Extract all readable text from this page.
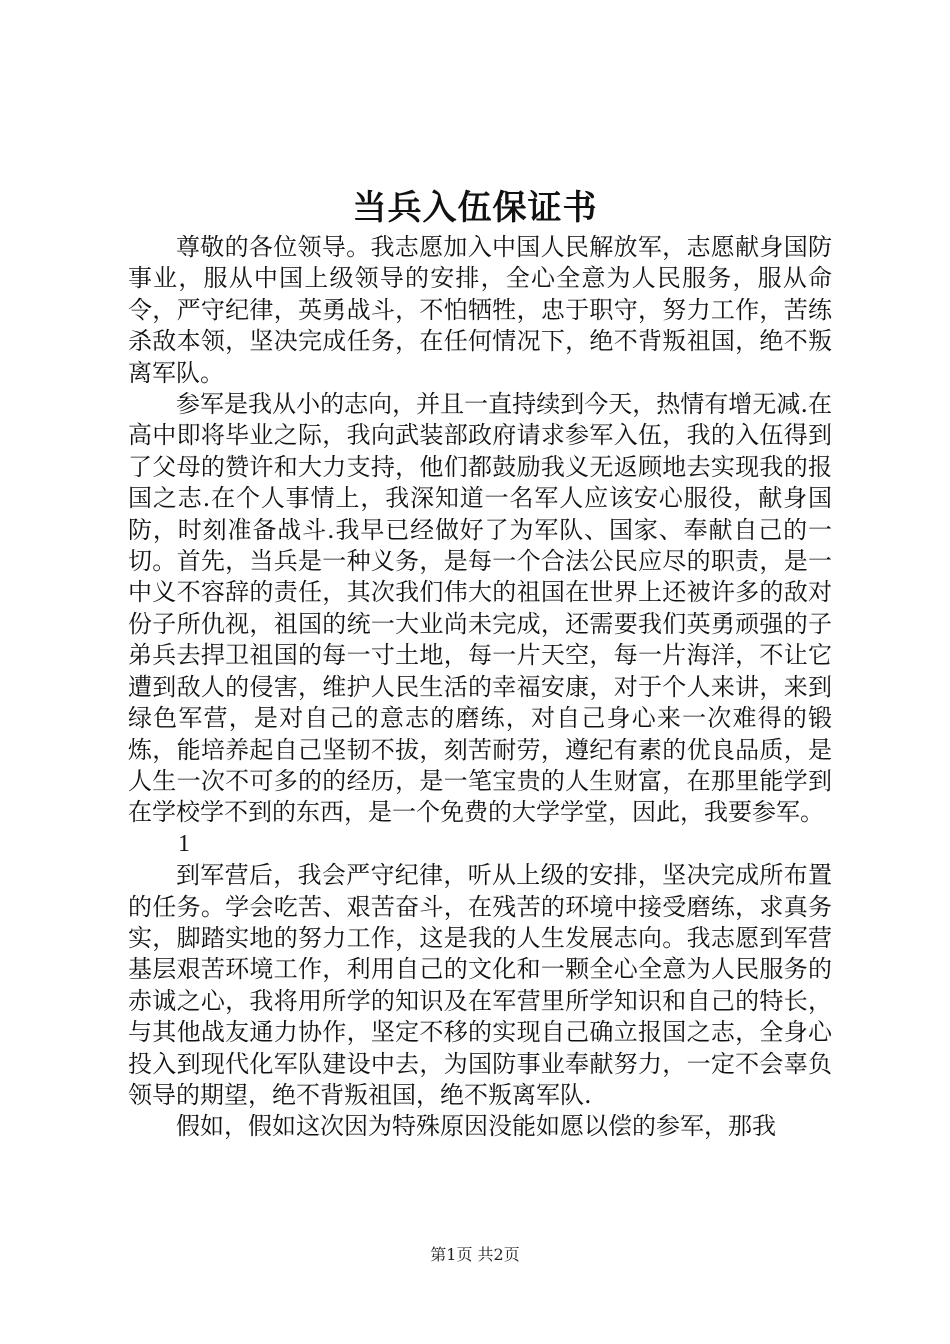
当兵入伍保证书

尊敬的各位领导。我志愿加入中国人民解放军，志愿献身国防事业，服从中国上级领导的安排，全心全意为人民服务，服从命令，严守纪律，英勇战斗，不怕牺牲，忠于职守，努力工作，苦练杀敌本领，坚决完成任务，在任何情况下，绝不背叛祖国，绝不叛离军队。

参军是我从小的志向，并且一直持续到今天，热情有增无减.在高中即将毕业之际，我向武装部政府请求参军入伍，我的入伍得到了父母的赞许和大力支持，他们都鼓励我义无返顾地去实现我的报国之志.在个人事情上，我深知道一名军人应该安心服役，献身国防，时刻准备战斗.我早已经做好了为军队、国家、奉献自己的一切。首先，当兵是一种义务，是每一个合法公民应尽的职责，是一中义不容辞的责任，其次我们伟大的祖国在世界上还被许多的敌对份子所仇视，祖国的统一大业尚未完成，还需要我们英勇顽强的子弟兵去捍卫祖国的每一寸土地，每一片天空，每一片海洋，不让它遭到敌人的侵害，维护人民生活的幸福安康，对于个人来讲，来到绿色军营，是对自己的意志的磨练，对自己身心来一次难得的锻炼，能培养起自己坚韧不拔，刻苦耐劳，遵纪有素的优良品质，是人生一次不可多的的经历，是一笔宝贵的人生财富，在那里能学到在学校学不到的东西，是一个免费的大学学堂，因此，我要参军。

1

到军营后，我会严守纪律，听从上级的安排，坚决完成所布置的任务。学会吃苦、艰苦奋斗，在残苦的环境中接受磨练，求真务实，脚踏实地的努力工作，这是我的人生发展志向。我志愿到军营基层艰苦环境工作，利用自己的文化和一颗全心全意为人民服务的赤诚之心，我将用所学的知识及在军营里所学知识和自己的特长，与其他战友通力协作，坚定不移的实现自己确立报国之志，全身心投入到现代化军队建设中去，为国防事业奉献努力，一定不会辜负领导的期望，绝不背叛祖国，绝不叛离军队.

假如，假如这次因为特殊原因没能如愿以偿的参军，那我

第1页 共2页
